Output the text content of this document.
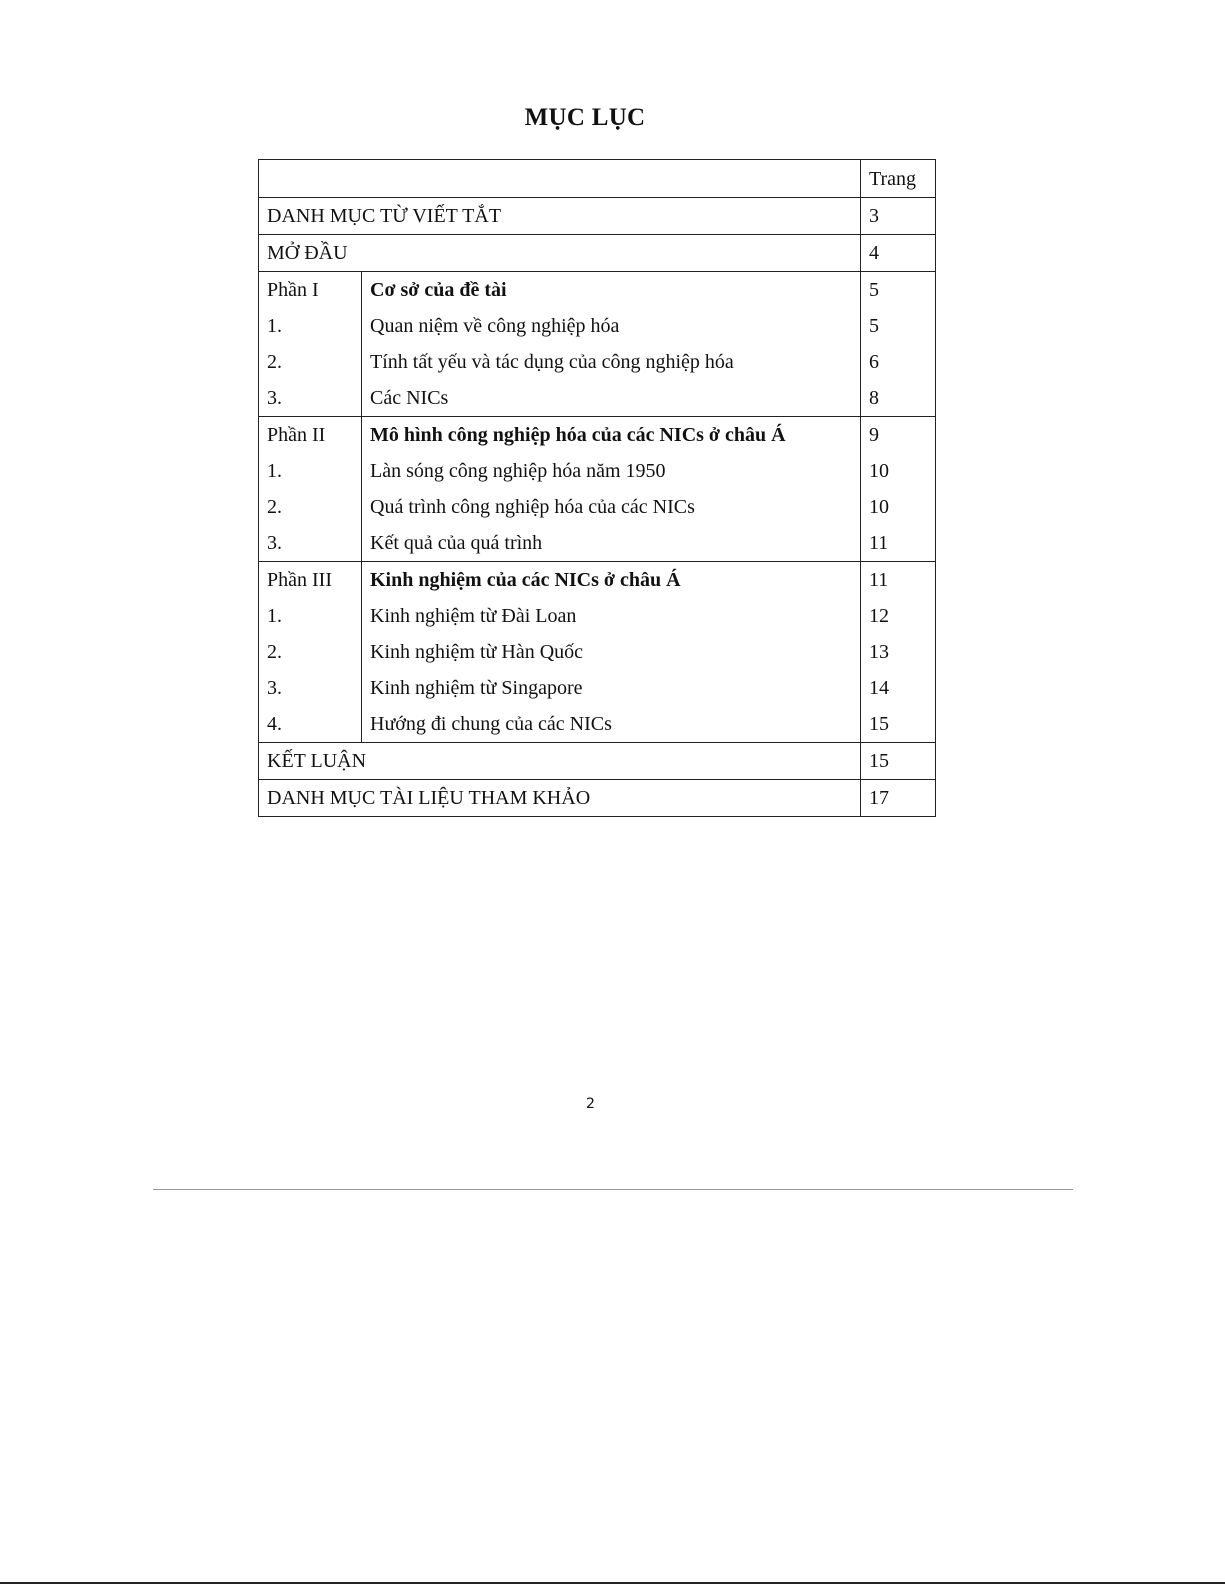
MỤC LỤC
		Trang
DANH MỤC TỪ VIẾT TẮT		3
MỞ ĐẦU		4
Phần I	Cơ sở của đề tài	5
1.	Quan niệm về công nghiệp hóa	5
2.	Tính tất yếu và tác dụng của công nghiệp hóa	6
3.	Các NICs	8
Phần II	Mô hình công nghiệp hóa của các NICs ở châu Á	9
1.	Làn sóng công nghiệp hóa năm 1950	10
2.	Quá trình công nghiệp hóa của các NICs	10
3.	Kết quả của quá trình	11
Phần III	Kinh nghiệm của các NICs ở châu Á	11
1.	Kinh nghiệm từ Đài Loan	12
2.	Kinh nghiệm từ Hàn Quốc	13
3.	Kinh nghiệm từ Singapore	14
4.	Hướng đi chung của các NICs	15
KẾT LUẬN		15
DANH MỤC TÀI LIỆU THAM KHẢO		17
2
